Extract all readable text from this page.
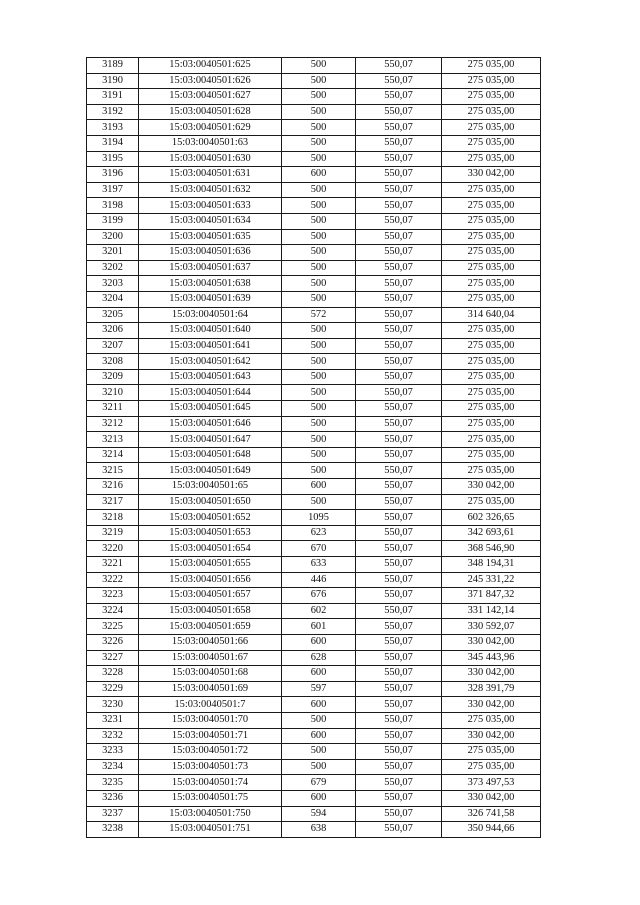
3189	15:03:0040501:625	500	550,07	275 035,00
3190	15:03:0040501:626	500	550,07	275 035,00
3191	15:03:0040501:627	500	550,07	275 035,00
3192	15:03:0040501:628	500	550,07	275 035,00
3193	15:03:0040501:629	500	550,07	275 035,00
3194	15:03:0040501:63	500	550,07	275 035,00
3195	15:03:0040501:630	500	550,07	275 035,00
3196	15:03:0040501:631	600	550,07	330 042,00
3197	15:03:0040501:632	500	550,07	275 035,00
3198	15:03:0040501:633	500	550,07	275 035,00
3199	15:03:0040501:634	500	550,07	275 035,00
3200	15:03:0040501:635	500	550,07	275 035,00
3201	15:03:0040501:636	500	550,07	275 035,00
3202	15:03:0040501:637	500	550,07	275 035,00
3203	15:03:0040501:638	500	550,07	275 035,00
3204	15:03:0040501:639	500	550,07	275 035,00
3205	15:03:0040501:64	572	550,07	314 640,04
3206	15:03:0040501:640	500	550,07	275 035,00
3207	15:03:0040501:641	500	550,07	275 035,00
3208	15:03:0040501:642	500	550,07	275 035,00
3209	15:03:0040501:643	500	550,07	275 035,00
3210	15:03:0040501:644	500	550,07	275 035,00
3211	15:03:0040501:645	500	550,07	275 035,00
3212	15:03:0040501:646	500	550,07	275 035,00
3213	15:03:0040501:647	500	550,07	275 035,00
3214	15:03:0040501:648	500	550,07	275 035,00
3215	15:03:0040501:649	500	550,07	275 035,00
3216	15:03:0040501:65	600	550,07	330 042,00
3217	15:03:0040501:650	500	550,07	275 035,00
3218	15:03:0040501:652	1095	550,07	602 326,65
3219	15:03:0040501:653	623	550,07	342 693,61
3220	15:03:0040501:654	670	550,07	368 546,90
3221	15:03:0040501:655	633	550,07	348 194,31
3222	15:03:0040501:656	446	550,07	245 331,22
3223	15:03:0040501:657	676	550,07	371 847,32
3224	15:03:0040501:658	602	550,07	331 142,14
3225	15:03:0040501:659	601	550,07	330 592,07
3226	15:03:0040501:66	600	550,07	330 042,00
3227	15:03:0040501:67	628	550,07	345 443,96
3228	15:03:0040501:68	600	550,07	330 042,00
3229	15:03:0040501:69	597	550,07	328 391,79
3230	15:03:0040501:7	600	550,07	330 042,00
3231	15:03:0040501:70	500	550,07	275 035,00
3232	15:03:0040501:71	600	550,07	330 042,00
3233	15:03:0040501:72	500	550,07	275 035,00
3234	15:03:0040501:73	500	550,07	275 035,00
3235	15:03:0040501:74	679	550,07	373 497,53
3236	15:03:0040501:75	600	550,07	330 042,00
3237	15:03:0040501:750	594	550,07	326 741,58
3238	15:03:0040501:751	638	550,07	350 944,66
